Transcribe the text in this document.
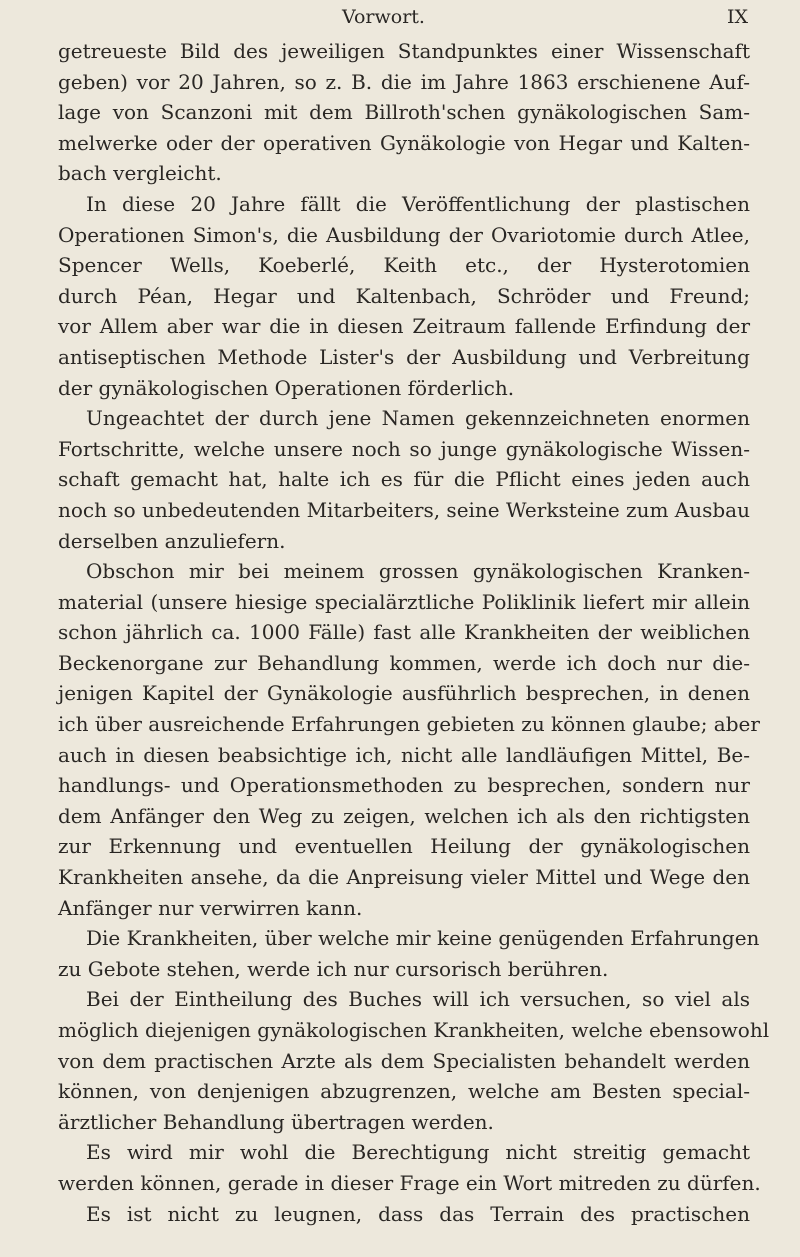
Vorwort.	IX
getreueste Bild des jeweiligen Standpunktes einer Wissenschaft
geben) vor 20 Jahren, so z. B. die im Jahre 1863 erschienene Auf-
lage von Scanzoni mit dem Billroth'schen gynäkologischen Sam-
melwerke oder der operativen Gynäkologie von Hegar und Kalten-
bach vergleicht.
In diese 20 Jahre fällt die Veröffentlichung der plastischen
Operationen Simon's, die Ausbildung der Ovariotomie durch Atlee,
Spencer Wells, Koeberlé, Keith etc., der Hysterotomien
durch Péan, Hegar und Kaltenbach, Schröder und Freund;
vor Allem aber war die in diesen Zeitraum fallende Erfindung der
antiseptischen Methode Lister's der Ausbildung und Verbreitung
der gynäkologischen Operationen förderlich.
Ungeachtet der durch jene Namen gekennzeichneten enormen
Fortschritte, welche unsere noch so junge gynäkologische Wissen-
schaft gemacht hat, halte ich es für die Pflicht eines jeden auch
noch so unbedeutenden Mitarbeiters, seine Werksteine zum Ausbau
derselben anzuliefern.
Obschon mir bei meinem grossen gynäkologischen Kranken-
material (unsere hiesige specialärztliche Poliklinik liefert mir allein
schon jährlich ca. 1000 Fälle) fast alle Krankheiten der weiblichen
Beckenorgane zur Behandlung kommen, werde ich doch nur die-
jenigen Kapitel der Gynäkologie ausführlich besprechen, in denen
ich über ausreichende Erfahrungen gebieten zu können glaube; aber
auch in diesen beabsichtige ich, nicht alle landläufigen Mittel, Be-
handlungs- und Operationsmethoden zu besprechen, sondern nur
dem Anfänger den Weg zu zeigen, welchen ich als den richtigsten
zur Erkennung und eventuellen Heilung der gynäkologischen
Krankheiten ansehe, da die Anpreisung vieler Mittel und Wege den
Anfänger nur verwirren kann.
Die Krankheiten, über welche mir keine genügenden Erfahrungen
zu Gebote stehen, werde ich nur cursorisch berühren.
Bei der Eintheilung des Buches will ich versuchen, so viel als
möglich diejenigen gynäkologischen Krankheiten, welche ebensowohl
von dem practischen Arzte als dem Specialisten behandelt werden
können, von denjenigen abzugrenzen, welche am Besten special-
ärztlicher Behandlung übertragen werden.
Es wird mir wohl die Berechtigung nicht streitig gemacht
werden können, gerade in dieser Frage ein Wort mitreden zu dürfen.
Es ist nicht zu leugnen, dass das Terrain des practischen
